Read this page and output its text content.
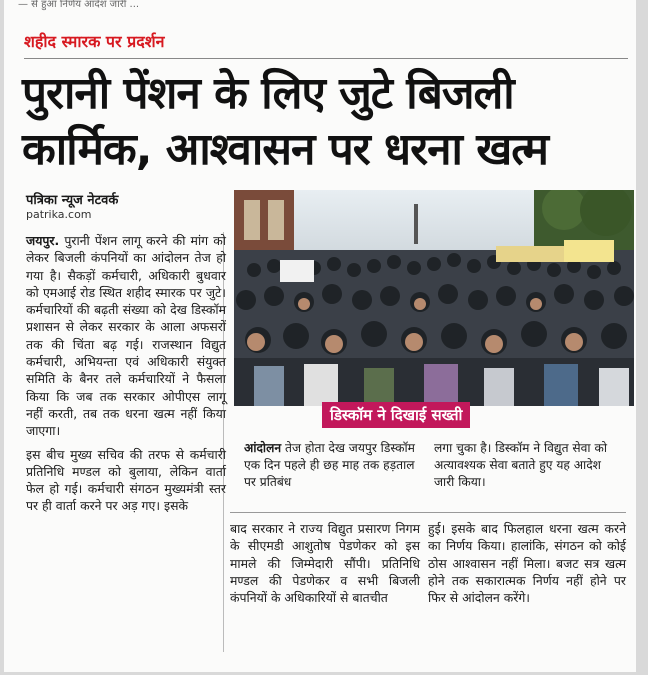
— से हुआ निर्णय आदेश जारी ...
शहीद स्मारक पर प्रदर्शन
पुरानी पेंशन के लिए जुटे बिजली
कार्मिक, आश्वासन पर धरना खत्म
पत्रिका न्यूज नेटवर्क
patrika.com

जयपुर. पुरानी पेंशन लागू करने की मांग को लेकर बिजली कंपनियों का आंदोलन तेज हो गया है। सैकड़ों कर्मचारी, अधिकारी बुधवार को एमआई रोड स्थित शहीद स्मारक पर जुटे। कर्मचारियों की बढ़ती संख्या को देख डिस्कॉम प्रशासन से लेकर सरकार के आला अफसरों तक की चिंता बढ़ गई। राजस्थान विद्युत कर्मचारी, अभियन्ता एवं अधिकारी संयुक्त समिति के बैनर तले कर्मचारियों ने फैसला किया कि जब तक सरकार ओपीएस लागू नहीं करती, तब तक धरना खत्म नहीं किया जाएगा।

इस बीच मुख्य सचिव की तरफ से कर्मचारी प्रतिनिधि मण्डल को बुलाया, लेकिन वार्ता फेल हो गई। कर्मचारी संगठन मुख्यमंत्री स्तर पर ही वार्ता करने पर अड़ गए। इसके

डिस्कॉम ने दिखाई सख्ती
आंदोलन तेज होता देख जयपुर डिस्कॉम एक दिन पहले ही छह माह तक हड़ताल पर प्रतिबंध
लगा चुका है। डिस्कॉम ने विद्युत सेवा को अत्यावश्यक सेवा बताते हुए यह आदेश जारी किया।
बाद सरकार ने राज्य विद्युत प्रसारण निगम के सीएमडी आशुतोष पेडणेकर को इस मामले की जिम्मेदारी सौंपी। प्रतिनिधि मण्डल की पेडणेकर व सभी बिजली कंपनियों के अधिकारियों से बातचीत
हुई। इसके बाद फिलहाल धरना खत्म करने का निर्णय किया। हालांकि, संगठन को कोई ठोस आश्वासन नहीं मिला। बजट सत्र खत्म होने तक सकारात्मक निर्णय नहीं होने पर फिर से आंदोलन करेंगे।
